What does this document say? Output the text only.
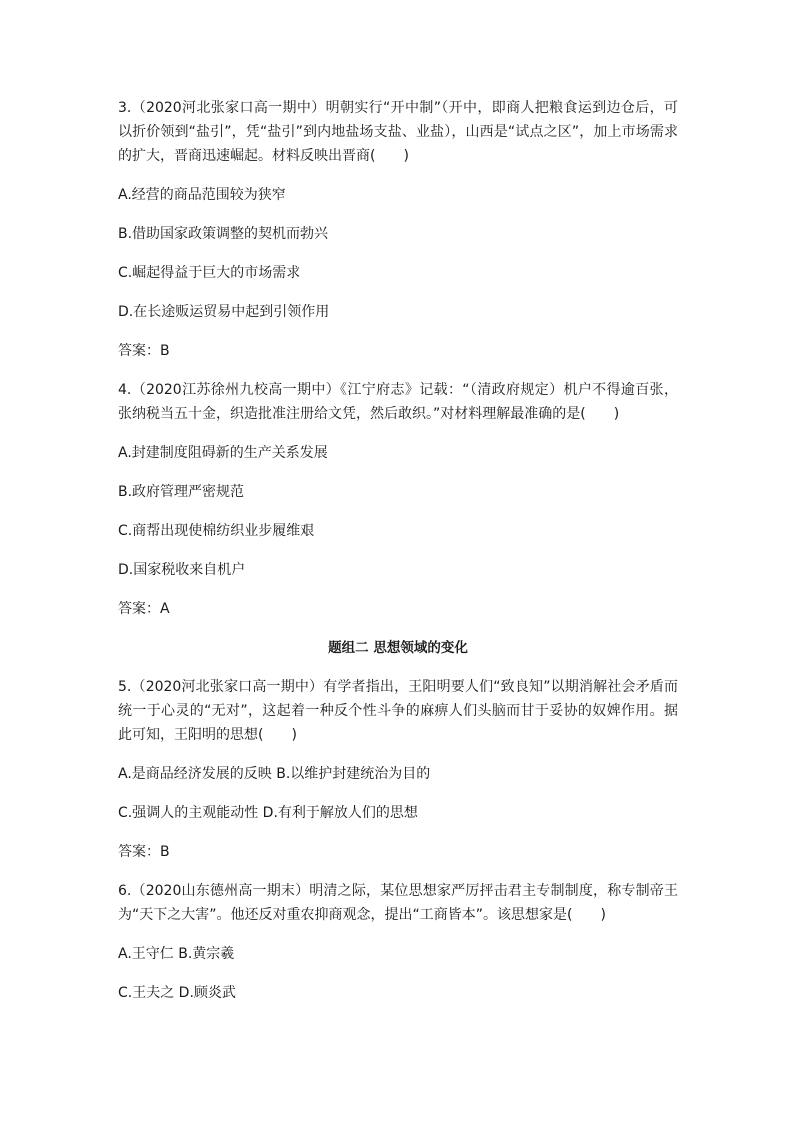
3.（2020河北张家口高一期中）明朝实行“开中制”（开中，即商人把粮食运到边仓后，可以折价领到“盐引”，凭“盐引”到内地盐场支盐、业盐），山西是“试点之区”，加上市场需求的扩大，晋商迅速崛起。材料反映出晋商(　　)

A.经营的商品范围较为狭窄

B.借助国家政策调整的契机而勃兴

C.崛起得益于巨大的市场需求

D.在长途贩运贸易中起到引领作用

答案：B

4.（2020江苏徐州九校高一期中）《江宁府志》记载：“（清政府规定）机户不得逾百张，张纳税当五十金，织造批准注册给文凭，然后敢织。”对材料理解最准确的是(　　)

A.封建制度阻碍新的生产关系发展

B.政府管理严密规范

C.商帮出现使棉纺织业步履维艰

D.国家税收来自机户

答案：A

题组二 思想领域的变化

5.（2020河北张家口高一期中）有学者指出，王阳明要人们“致良知”以期消解社会矛盾而统一于心灵的“无对”，这起着一种反个性斗争的麻痹人们头脑而甘于妥协的奴婢作用。据此可知，王阳明的思想(　　)

A.是商品经济发展的反映 B.以维护封建统治为目的

C.强调人的主观能动性 D.有利于解放人们的思想

答案：B

6.（2020山东德州高一期末）明清之际，某位思想家严厉抨击君主专制制度，称专制帝王为“天下之大害”。他还反对重农抑商观念，提出“工商皆本”。该思想家是(　　)

A.王守仁 B.黄宗羲

C.王夫之 D.顾炎武
